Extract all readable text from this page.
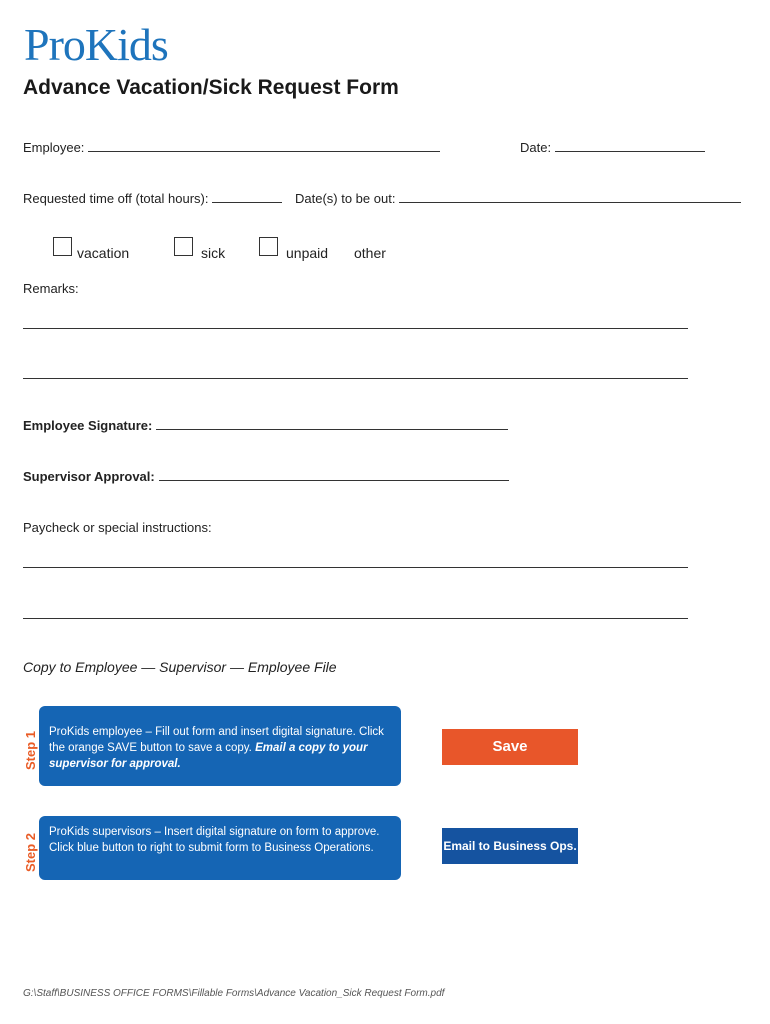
ProKids
Advance Vacation/Sick Request Form
Employee:	Date:
Requested time off (total hours):	Date(s) to be out:
vacation	sick	unpaid other
Remarks:
Employee Signature:
Supervisor Approval:
Paycheck or special instructions:
Copy to Employee — Supervisor — Employee File
Step 1 ProKids employee – Fill out form and insert digital signature. Click the orange SAVE button to save a copy. Email a copy to your supervisor for approval.
Save
Step 2
ProKids supervisors – Insert digital signature on form to approve. Click blue button to right to submit form to Business Operations.	Email to Business Ops.
G:\Staff\BUSINESS OFFICE FORMS\Fillable Forms\Advance Vacation_Sick Request Form.pdf
